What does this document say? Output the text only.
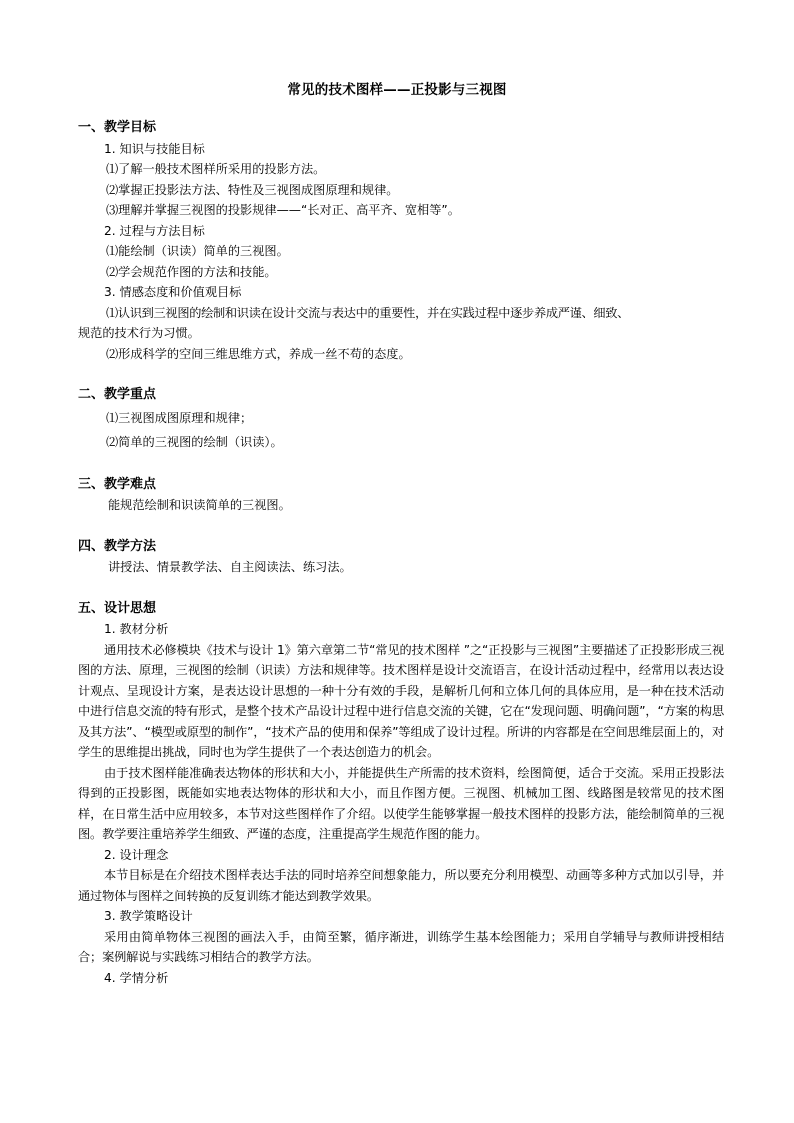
常见的技术图样——正投影与三视图

一、教学目标

1. 知识与技能目标

⑴了解一般技术图样所采用的投影方法。

⑵掌握正投影法方法、特性及三视图成图原理和规律。

⑶理解并掌握三视图的投影规律——“长对正、高平齐、宽相等”。

2. 过程与方法目标

⑴能绘制（识读）简单的三视图。

⑵学会规范作图的方法和技能。

3. 情感态度和价值观目标

⑴认识到三视图的绘制和识读在设计交流与表达中的重要性，并在实践过程中逐步养成严谨、细致、

规范的技术行为习惯。

⑵形成科学的空间三维思维方式，养成一丝不苟的态度。

二、教学重点

⑴三视图成图原理和规律；

⑵简单的三视图的绘制（识读）。

三、教学难点

能规范绘制和识读简单的三视图。

四、教学方法

讲授法、情景教学法、自主阅读法、练习法。

五、设计思想

1. 教材分析

通用技术必修模块《技术与设计 1》第六章第二节“常见的技术图样 ”之“正投影与三视图”主要描述了正投影形成三视图的方法、原理，三视图的绘制（识读）方法和规律等。技术图样是设计交流语言，在设计活动过程中，经常用以表达设计观点、呈现设计方案，是表达设计思想的一种十分有效的手段，是解析几何和立体几何的具体应用，是一种在技术活动中进行信息交流的特有形式，是整个技术产品设计过程中进行信息交流的关键，它在“发现问题、明确问题”，“方案的构思及其方法”、“模型或原型的制作”，“技术产品的使用和保养”等组成了设计过程。所讲的内容都是在空间思维层面上的，对学生的思维提出挑战，同时也为学生提供了一个表达创造力的机会。

由于技术图样能准确表达物体的形状和大小，并能提供生产所需的技术资料，绘图简便，适合于交流。采用正投影法得到的正投影图，既能如实地表达物体的形状和大小，而且作图方便。三视图、机械加工图、线路图是较常见的技术图样，在日常生活中应用较多，本节对这些图样作了介绍。以使学生能够掌握一般技术图样的投影方法，能绘制简单的三视图。教学要注重培养学生细致、严谨的态度，注重提高学生规范作图的能力。

2. 设计理念

本节目标是在介绍技术图样表达手法的同时培养空间想象能力，所以要充分利用模型、动画等多种方式加以引导，并通过物体与图样之间转换的反复训练才能达到教学效果。

3. 教学策略设计

采用由简单物体三视图的画法入手，由简至繁，循序渐进，训练学生基本绘图能力；采用自学辅导与教师讲授相结合；案例解说与实践练习相结合的教学方法。

4. 学情分析
